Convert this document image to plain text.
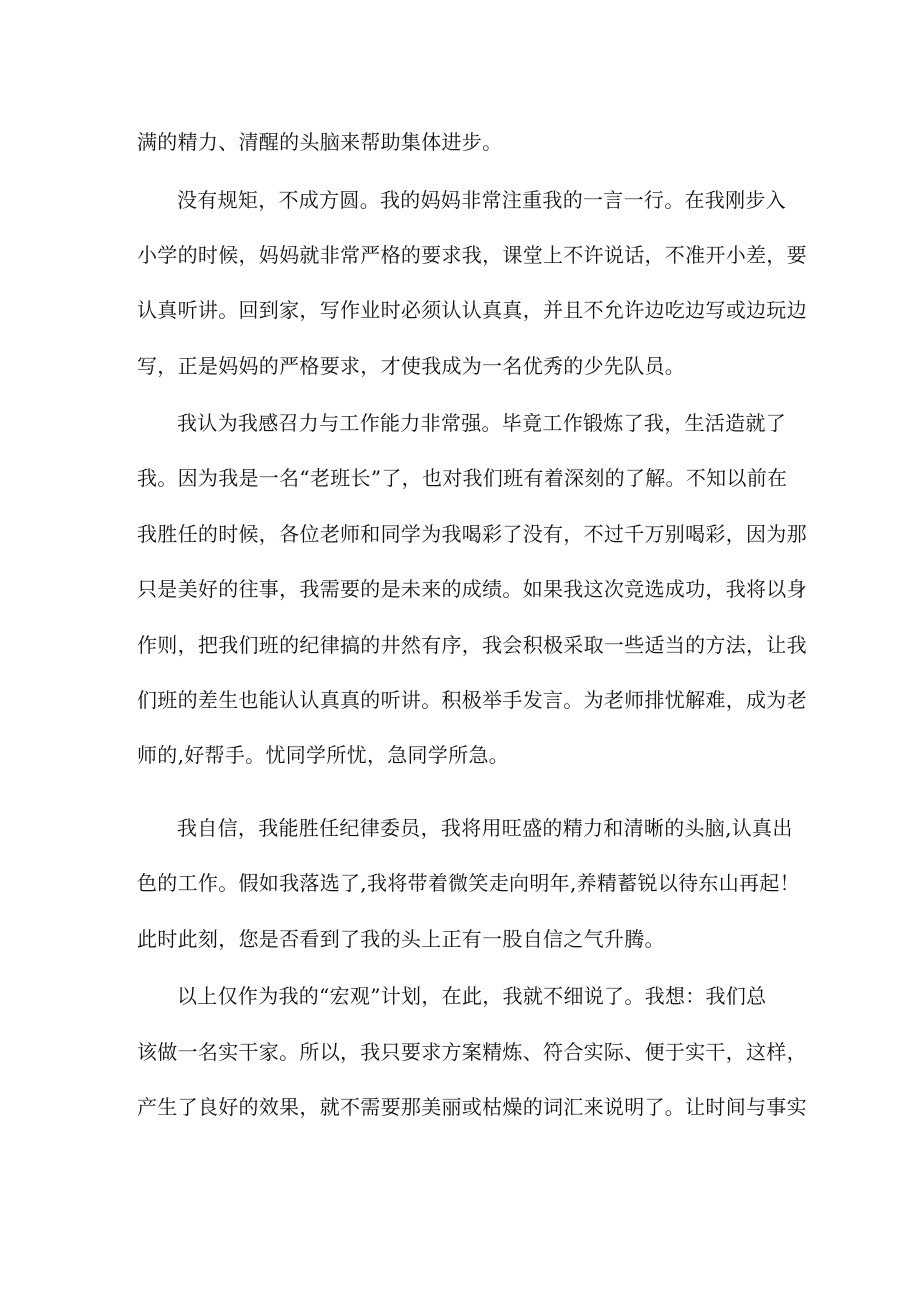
满的精力、清醒的头脑来帮助集体进步。

没有规矩，不成方圆。我的妈妈非常注重我的一言一行。在我刚步入

小学的时候，妈妈就非常严格的要求我，课堂上不许说话，不准开小差，要

认真听讲。回到家，写作业时必须认认真真，并且不允许边吃边写或边玩边

写，正是妈妈的严格要求，才使我成为一名优秀的少先队员。

我认为我感召力与工作能力非常强。毕竟工作锻炼了我，生活造就了

我。因为我是一名“老班长”了，也对我们班有着深刻的了解。不知以前在

我胜任的时候，各位老师和同学为我喝彩了没有，不过千万别喝彩，因为那

只是美好的往事，我需要的是未来的成绩。如果我这次竞选成功，我将以身

作则，把我们班的纪律搞的井然有序，我会积极采取一些适当的方法，让我

们班的差生也能认认真真的听讲。积极举手发言。为老师排忧解难，成为老

师的,好帮手。忧同学所忧，急同学所急。

我自信，我能胜任纪律委员，我将用旺盛的精力和清晰的头脑,认真出

色的工作。假如我落选了,我将带着微笑走向明年,养精蓄锐以待东山再起！

此时此刻，您是否看到了我的头上正有一股自信之气升腾。

以上仅作为我的“宏观”计划，在此，我就不细说了。我想：我们总

该做一名实干家。所以，我只要求方案精炼、符合实际、便于实干，这样，

产生了良好的效果，就不需要那美丽或枯燥的词汇来说明了。让时间与事实
